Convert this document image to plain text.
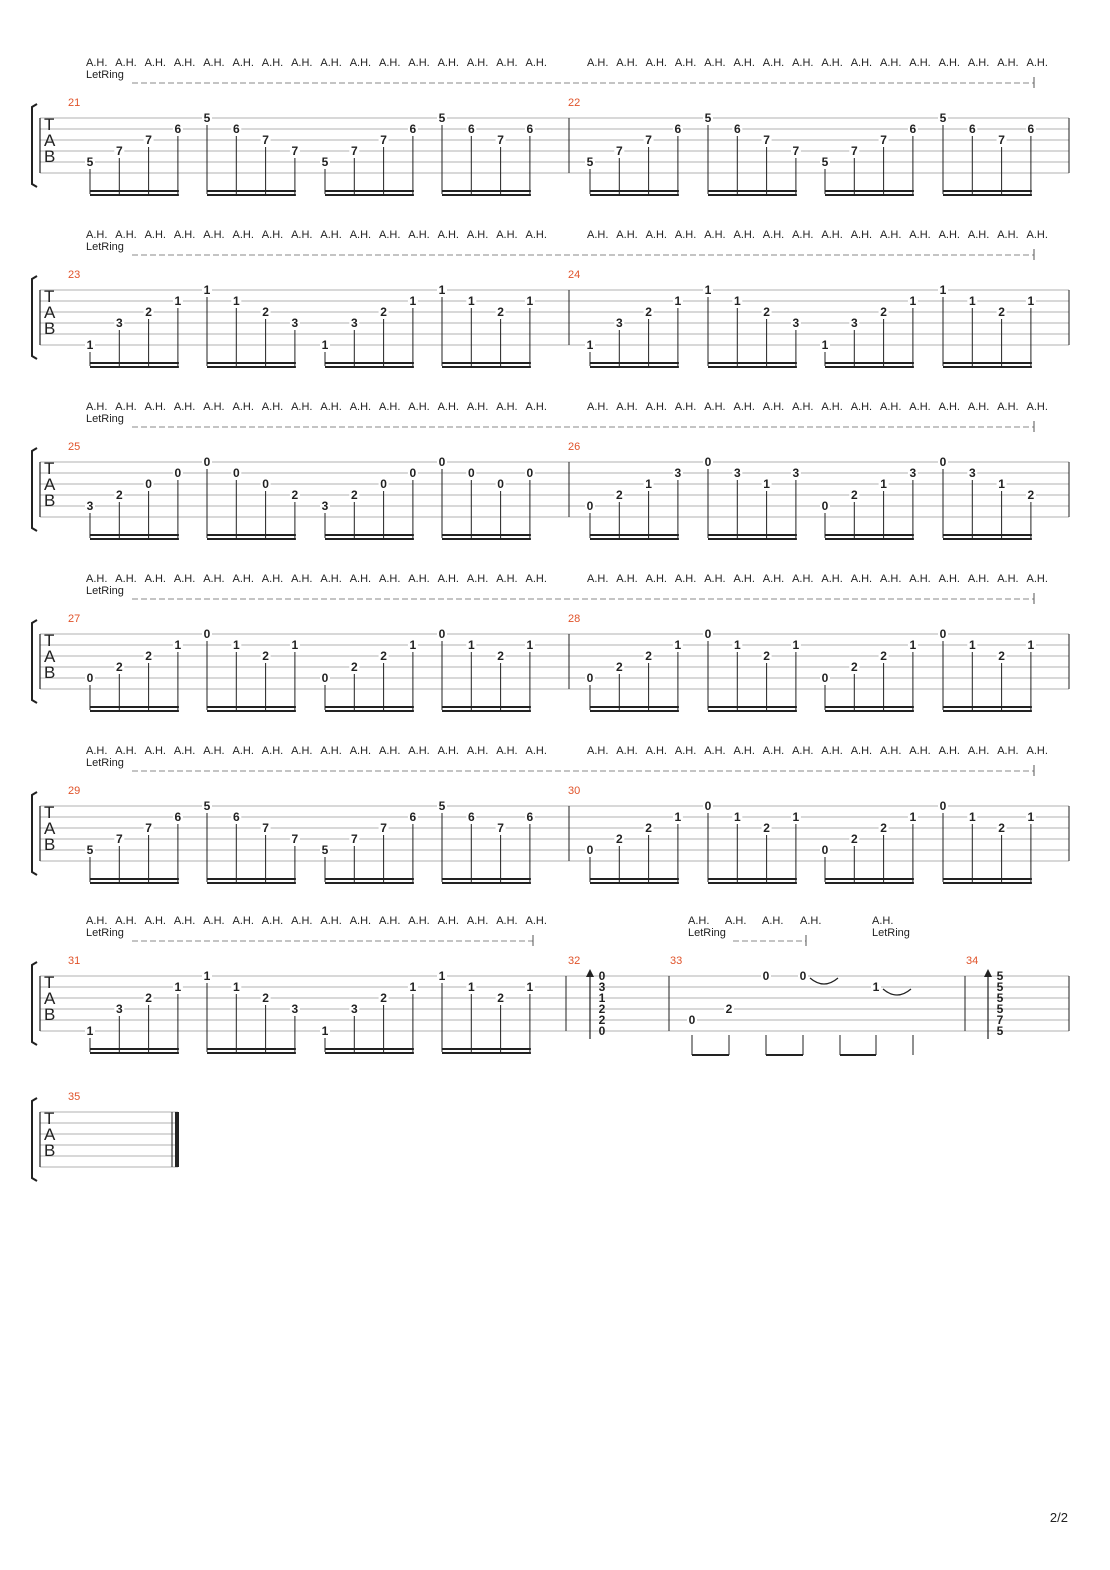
T
A
B
A.H. A.H. A.H. A.H. A.H. A.H. A.H. A.H. A.H. A.H. A.H. A.H. A.H. A.H. A.H. A.H.	A.H. A.H. A.H. A.H. A.H. A.H. A.H. A.H. A.H. A.H. A.H. A.H. A.H. A.H. A.H. A.H.
LetRing
21	22
5
7
7
6
5
6
7
7
5
7
7
6
5
6
7
6
5
7
7
6
5
6
7
7
5
7
7
6
5
6
7
6
T
A
B
A.H. A.H. A.H. A.H. A.H. A.H. A.H. A.H. A.H. A.H. A.H. A.H. A.H. A.H. A.H. A.H.	A.H. A.H. A.H. A.H. A.H. A.H. A.H. A.H. A.H. A.H. A.H. A.H. A.H. A.H. A.H. A.H.
LetRing
23	24
1
3
2
1
1
1
2
3
1
3
2
1
1
1
2
1
1
3
2
1
1
1
2
3
1
3
2
1
1
1
2
1
T
A
B
A.H. A.H. A.H. A.H. A.H. A.H. A.H. A.H. A.H. A.H. A.H. A.H. A.H. A.H. A.H. A.H.	A.H. A.H. A.H. A.H. A.H. A.H. A.H. A.H. A.H. A.H. A.H. A.H. A.H. A.H. A.H. A.H.
LetRing
25	26
3
2
0
0
0
0
0
2
3
2
0
0
0
0
0
0
0
2
1
3
0
3
1
3
0
2
1
3
0
3
1
2
T
A
B
A.H. A.H. A.H. A.H. A.H. A.H. A.H. A.H. A.H. A.H. A.H. A.H. A.H. A.H. A.H. A.H.	A.H. A.H. A.H. A.H. A.H. A.H. A.H. A.H. A.H. A.H. A.H. A.H. A.H. A.H. A.H. A.H.
LetRing
27	28
0
2
2
1
0
1
2
1
0
2
2
1
0
1
2
1
0
2
2
1
0
1
2
1
0
2
2
1
0
1
2
1
T
A
B
A.H. A.H. A.H. A.H. A.H. A.H. A.H. A.H. A.H. A.H. A.H. A.H. A.H. A.H. A.H. A.H.	A.H. A.H. A.H. A.H. A.H. A.H. A.H. A.H. A.H. A.H. A.H. A.H. A.H. A.H. A.H. A.H.
LetRing
29	30
5
7
7
6
5
6
7
7
5
7
7
6
5
6
7
6
0
2
2
1
0
1
2
1
0
2
2
1
0
1
2
1
T
A
B
A.H. A.H. A.H. A.H. A.H. A.H. A.H. A.H. A.H. A.H. A.H. A.H. A.H. A.H. A.H. A.H.
LetRing
31	32	33	34
1
3
2
1
1
1
2
3
1
3
2
1
1
1
2
1
0
3
1
2
2
0
A.H. A.H. A.H. A.H.	A.H.
LetRing	LetRing
0
2
0	0
1
5
5
5
5
7
5
T
A
B
35
2/2
